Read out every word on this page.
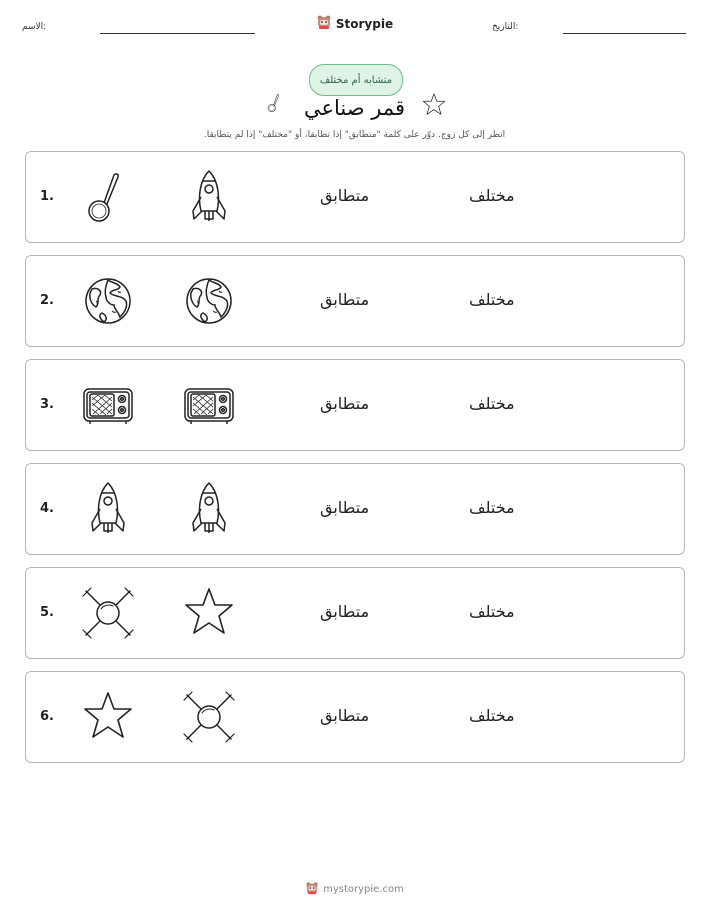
الاسم:	Storypie	التاريخ:
متشابه أم مختلف
قمر صناعي
انظر إلى كل زوج. دوّر على كلمة "متطابق" إذا تطابقا، أو "مختلف" إذا لم يتطابقا.
1.	متطابق	مختلف
2.	متطابق	مختلف
3.	متطابق	مختلف
4.	متطابق	مختلف
5.	متطابق	مختلف
6.	متطابق	مختلف
mystorypie.com
